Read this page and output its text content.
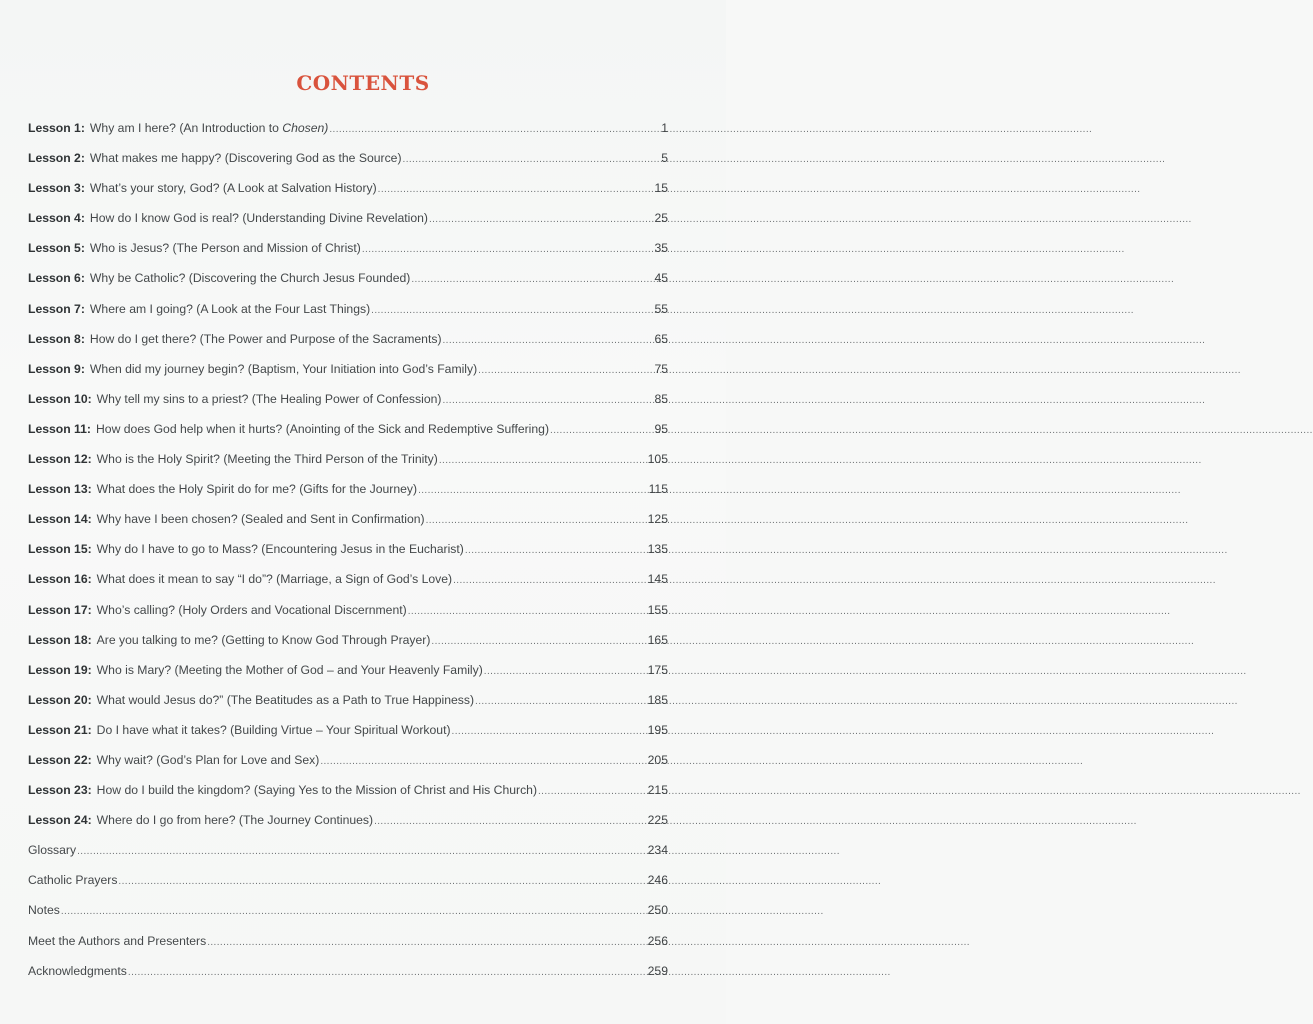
CONTENTS
Lesson 1: Why am I here? (An Introduction to Chosen) .....	1
Lesson 2: What makes me happy? (Discovering God as the Source) .....	5
Lesson 3: What’s your story, God? (A Look at Salvation History) .....	15
Lesson 4: How do I know God is real? (Understanding Divine Revelation) .....	25
Lesson 5: Who is Jesus? (The Person and Mission of Christ) .....	35
Lesson 6: Why be Catholic? (Discovering the Church Jesus Founded) .....	45
Lesson 7: Where am I going? (A Look at the Four Last Things) .....	55
Lesson 8: How do I get there? (The Power and Purpose of the Sacraments) .....	65
Lesson 9: When did my journey begin? (Baptism, Your Initiation into God’s Family) .....	75
Lesson 10: Why tell my sins to a priest? (The Healing Power of Confession) .....	85
Lesson 11: How does God help when it hurts? (Anointing of the Sick and Redemptive Suffering) .....	95
Lesson 12: Who is the Holy Spirit? (Meeting the Third Person of the Trinity) .....	105
Lesson 13: What does the Holy Spirit do for me? (Gifts for the Journey) .....	115
Lesson 14: Why have I been chosen? (Sealed and Sent in Confirmation) .....	125
Lesson 15: Why do I have to go to Mass? (Encountering Jesus in the Eucharist) .....	135
Lesson 16: What does it mean to say “I do”? (Marriage, a Sign of God’s Love) .....	145
Lesson 17: Who’s calling? (Holy Orders and Vocational Discernment) .....	155
Lesson 18: Are you talking to me? (Getting to Know God Through Prayer) .....	165
Lesson 19: Who is Mary? (Meeting the Mother of God – and Your Heavenly Family) .....	175
Lesson 20: What would Jesus do?” (The Beatitudes as a Path to True Happiness) .....	185
Lesson 21: Do I have what it takes? (Building Virtue – Your Spiritual Workout) .....	195
Lesson 22: Why wait? (God’s Plan for Love and Sex) .....	205
Lesson 23: How do I build the kingdom? (Saying Yes to the Mission of Christ and His Church) .....	215
Lesson 24: Where do I go from here? (The Journey Continues) .....	225
Glossary .....	234
Catholic Prayers .....	246
Notes .....	250
Meet the Authors and Presenters .....	256
Acknowledgments .....	259
